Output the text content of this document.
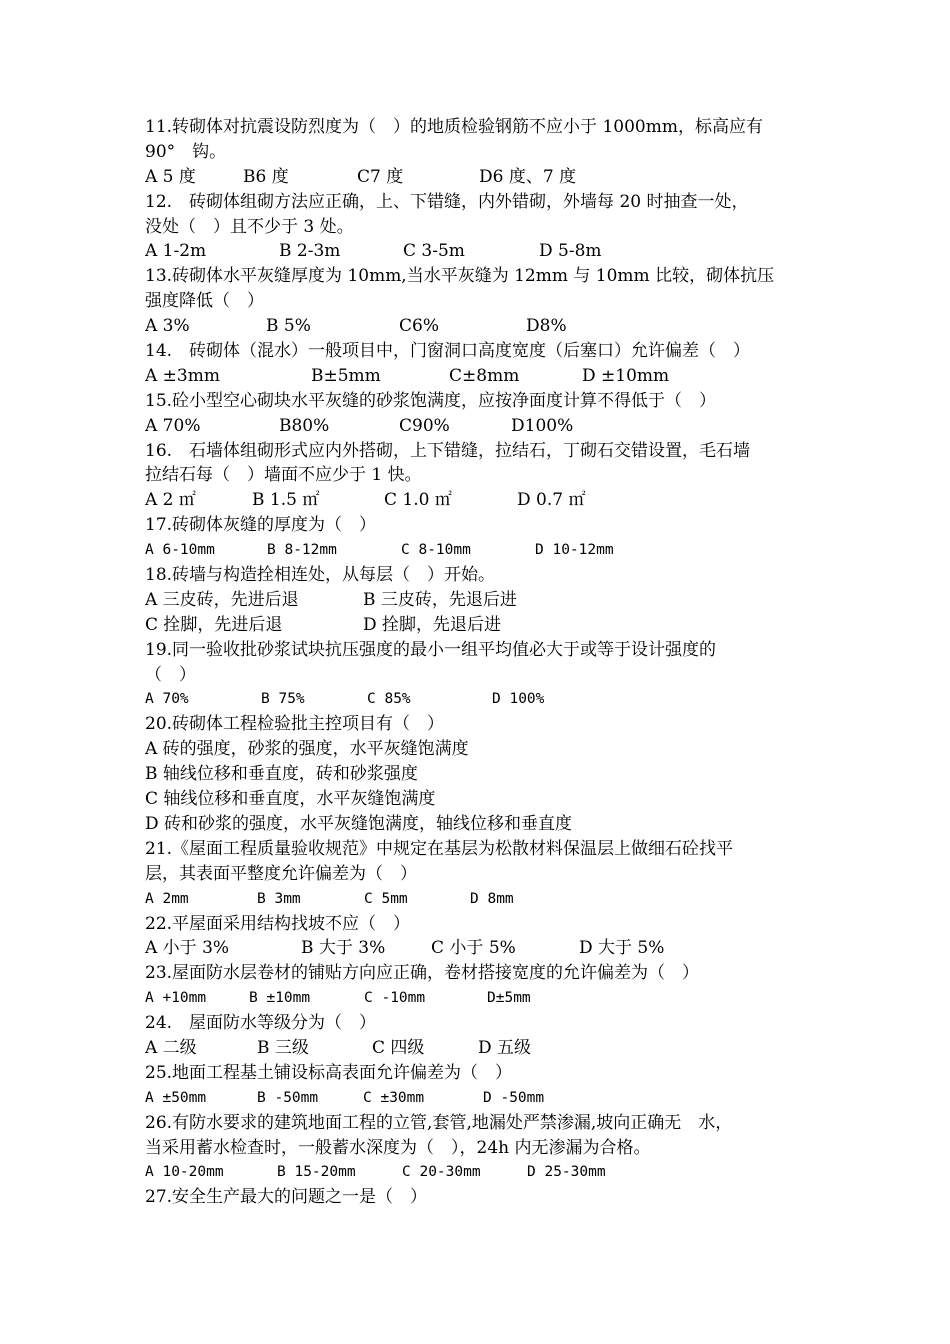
11.转砌体对抗震设防烈度为（　）的地质检验钢筋不应小于 1000mm，标高应有
90°　钩。
A 5 度	B6 度	C7 度	D6 度、7 度
12.　砖砌体组砌方法应正确，上、下错缝，内外错砌，外墙每 20 时抽查一处，
没处（　）且不少于 3 处。
A 1-2m	B 2-3m	C 3-5m	D 5-8m
13.砖砌体水平灰缝厚度为 10mm,当水平灰缝为 12mm 与 10mm 比较，砌体抗压
强度降低（　）
A 3%	B 5%	C6%	D8%
14.　砖砌体（混水）一般项目中，门窗洞口高度宽度（后塞口）允许偏差（　）
A ±3mm	B±5mm	C±8mm	D ±10mm
15.砼小型空心砌块水平灰缝的砂浆饱满度，应按净面度计算不得低于（　）
A 70%	B80%	C90%	D100%
16.　石墙体组砌形式应内外搭砌，上下错缝，拉结石，丁砌石交错设置，毛石墙
拉结石每（　）墙面不应少于 1 快。
A 2 ㎡	B 1.5 ㎡	C 1.0 ㎡	D 0.7 ㎡
17.砖砌体灰缝的厚度为（　）
A 6-10mm	B 8-12mm	C 8-10mm	D 10-12mm
18.砖墙与构造拴相连处，从每层（　）开始。
A 三皮砖，先进后退	B 三皮砖，先退后进
C 拴脚，先进后退	D 拴脚，先退后进
19.同一验收批砂浆试块抗压强度的最小一组平均值必大于或等于设计强度的
（　）
A 70%	B 75%	C 85%	D 100%
20.砖砌体工程检验批主控项目有（　）
A 砖的强度，砂浆的强度，水平灰缝饱满度
B 轴线位移和垂直度，砖和砂浆强度
C 轴线位移和垂直度，水平灰缝饱满度
D 砖和砂浆的强度，水平灰缝饱满度，轴线位移和垂直度
21.《屋面工程质量验收规范》中规定在基层为松散材料保温层上做细石砼找平
层，其表面平整度允许偏差为（　）
A 2mm	B 3mm	C 5mm	D 8mm
22.平屋面采用结构找坡不应（　）
A 小于 3%	B 大于 3%	C 小于 5%	D 大于 5%
23.屋面防水层卷材的铺贴方向应正确，卷材搭接宽度的允许偏差为（　）
A +10mm	B ±10mm	C -10mm	D±5mm
24.　屋面防水等级分为（　）
A 二级	B 三级	C 四级	D 五级
25.地面工程基土铺设标高表面允许偏差为（　）
A ±50mm	B -50mm	C ±30mm	D -50mm
26.有防水要求的建筑地面工程的立管,套管,地漏处严禁渗漏,坡向正确无　水，
当采用蓄水检查时，一般蓄水深度为（　），24h 内无渗漏为合格。
A 10-20mm	B 15-20mm	C 20-30mm	D 25-30mm
27.安全生产最大的问题之一是（　）
